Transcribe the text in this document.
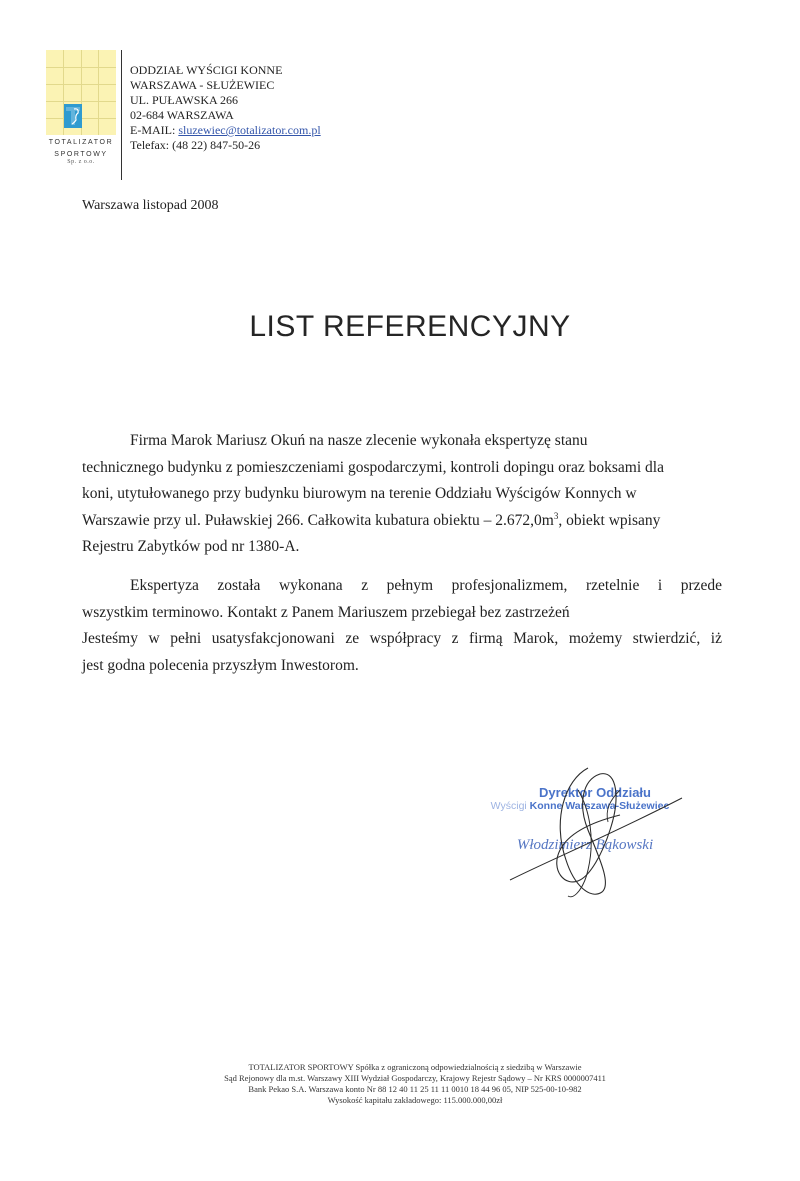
TOTALIZATOR
SPORTOWY
Sp. z o.o.
ODDZIAŁ WYŚCIGI KONNE
WARSZAWA - SŁUŻEWIEC
UL. PUŁAWSKA 266
02-684 WARSZAWA
E-MAIL: sluzewiec@totalizator.com.pl
Telefax: (48 22) 847-50-26
Warszawa listopad 2008
LIST REFERENCYJNY
Firma Marok Mariusz Okuń na nasze zlecenie wykonała ekspertyzę stanu
technicznego budynku z pomieszczeniami gospodarczymi, kontroli dopingu oraz boksami dla
koni, utytułowanego przy budynku biurowym na terenie Oddziału Wyścigów Konnych w
Warszawie przy ul. Puławskiej 266. Całkowita kubatura obiektu – $2.672,0m^3$, obiekt wpisany
Rejestru Zabytków pod nr 1380-A.
Ekspertyza została wykonana z pełnym profesjonalizmem, rzetelnie i przede
wszystkim terminowo. Kontakt z Panem Mariuszem przebiegał bez zastrzeżeń
Jesteśmy w pełni usatysfakcjonowani ze współpracy z firmą Marok, możemy stwierdzić, iż
jest godna polecenia przyszłym Inwestorom.
Dyrektor Oddziału
Wyścigi Konne Warszawa-Służewiec
Włodzimierz Bąkowski
TOTALIZATOR SPORTOWY Spółka z ograniczoną odpowiedzialnością z siedzibą w Warszawie
Sąd Rejonowy dla m.st. Warszawy XIII Wydział Gospodarczy, Krajowy Rejestr Sądowy – Nr KRS 0000007411
Bank Pekao S.A. Warszawa konto Nr 88 12 40 11 25 11 11 0010 18 44 96 05, NIP 525-00-10-982
Wysokość kapitału zakładowego: 115.000.000,00zł
